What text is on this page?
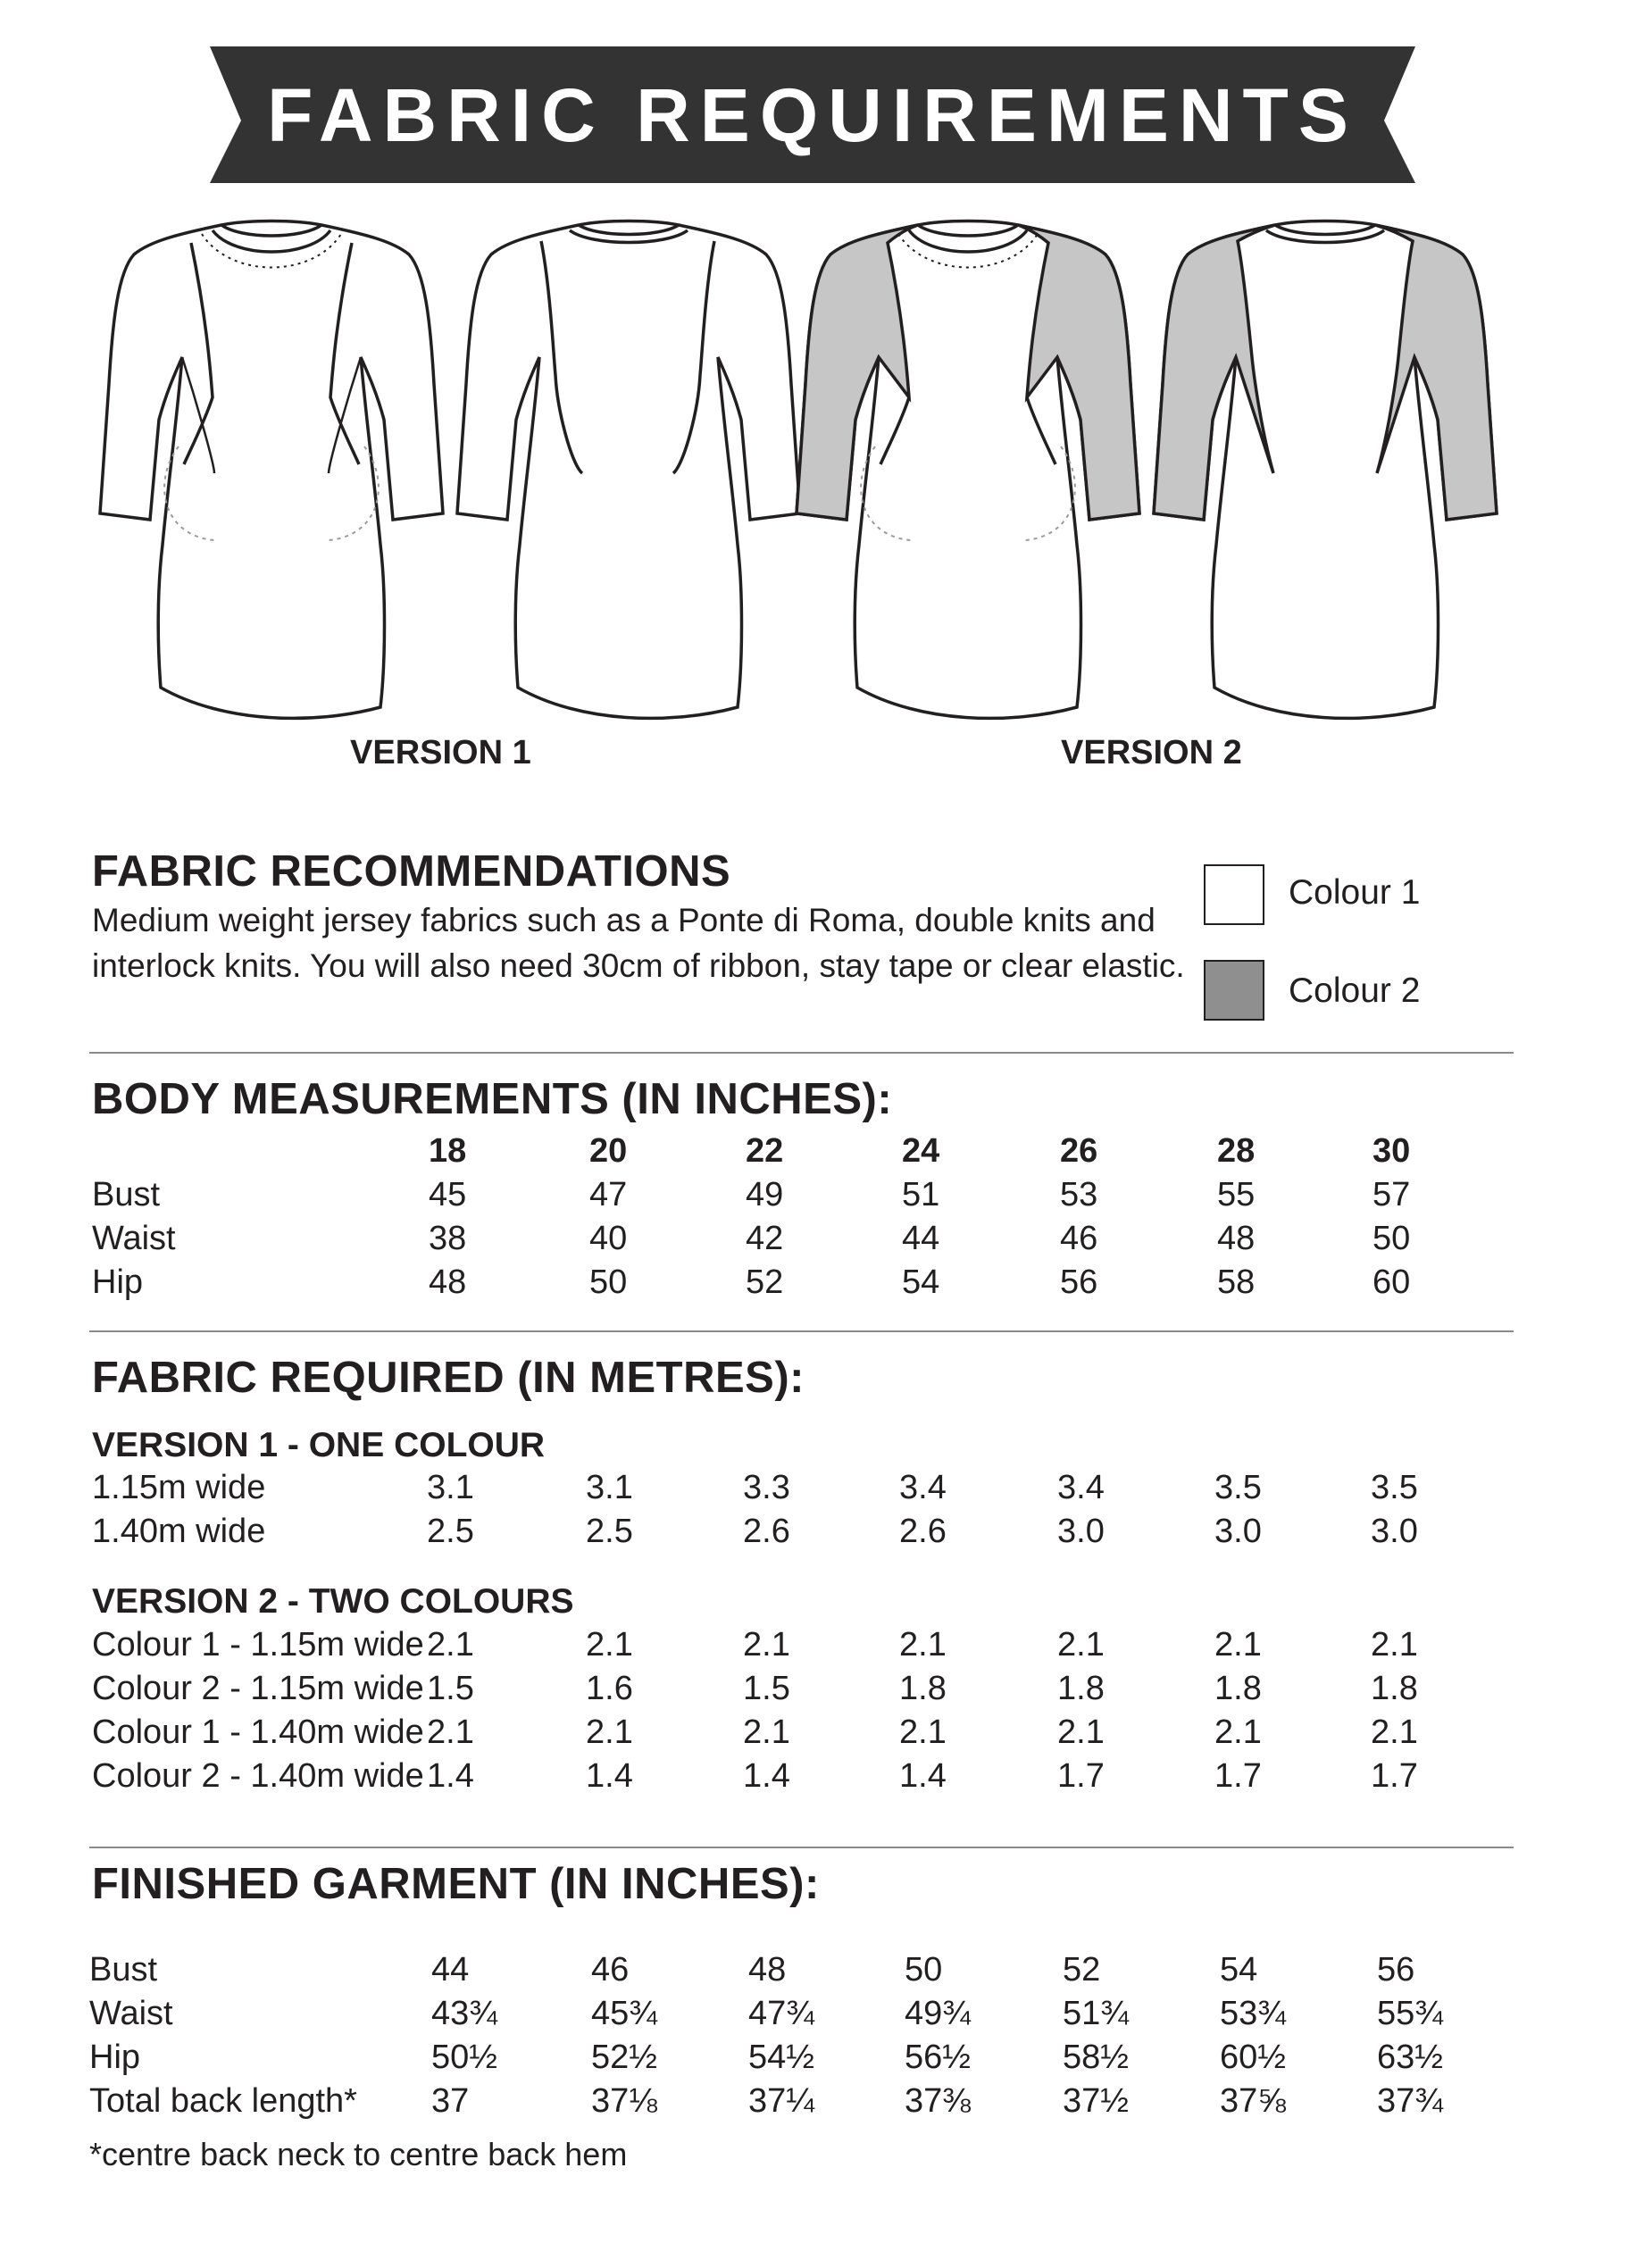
FABRIC REQUIREMENTS
VERSION 1	VERSION 2
FABRIC RECOMMENDATIONS
Medium weight jersey fabrics such as a Ponte di Roma, double knits and
interlock knits. You will also need 30cm of ribbon, stay tape or clear elastic.
Colour 1
Colour 2
BODY MEASUREMENTS (IN INCHES):
18	20	22	24	26	28	30
Bust	45	47	49	51	53	55	57
Waist	38	40	42	44	46	48	50
Hip	48	50	52	54	56	58	60
FABRIC REQUIRED (IN METRES):
VERSION 1 - ONE COLOUR
1.15m wide	3.1	3.1	3.3	3.4	3.4	3.5	3.5
1.40m wide	2.5	2.5	2.6	2.6	3.0	3.0	3.0
VERSION 2 - TWO COLOURS
Colour 1 - 1.15m wide 2.1	2.1	2.1	2.1	2.1	2.1	2.1
Colour 2 - 1.15m wide 1.5	1.6	1.5	1.8	1.8	1.8	1.8
Colour 1 - 1.40m wide 2.1	2.1	2.1	2.1	2.1	2.1	2.1
Colour 2 - 1.40m wide 1.4	1.4	1.4	1.4	1.7	1.7	1.7
FINISHED GARMENT (IN INCHES):
Bust	44	46	48	50	52	54	56
Waist	43¾	45¾	47¾	49¾	51¾	53¾	55¾
Hip	50½	52½	54½	56½	58½	60½	63½
Total back length* 37	37⅛	37¼	37⅜	37½	37⅝	37¾
*centre back neck to centre back hem
